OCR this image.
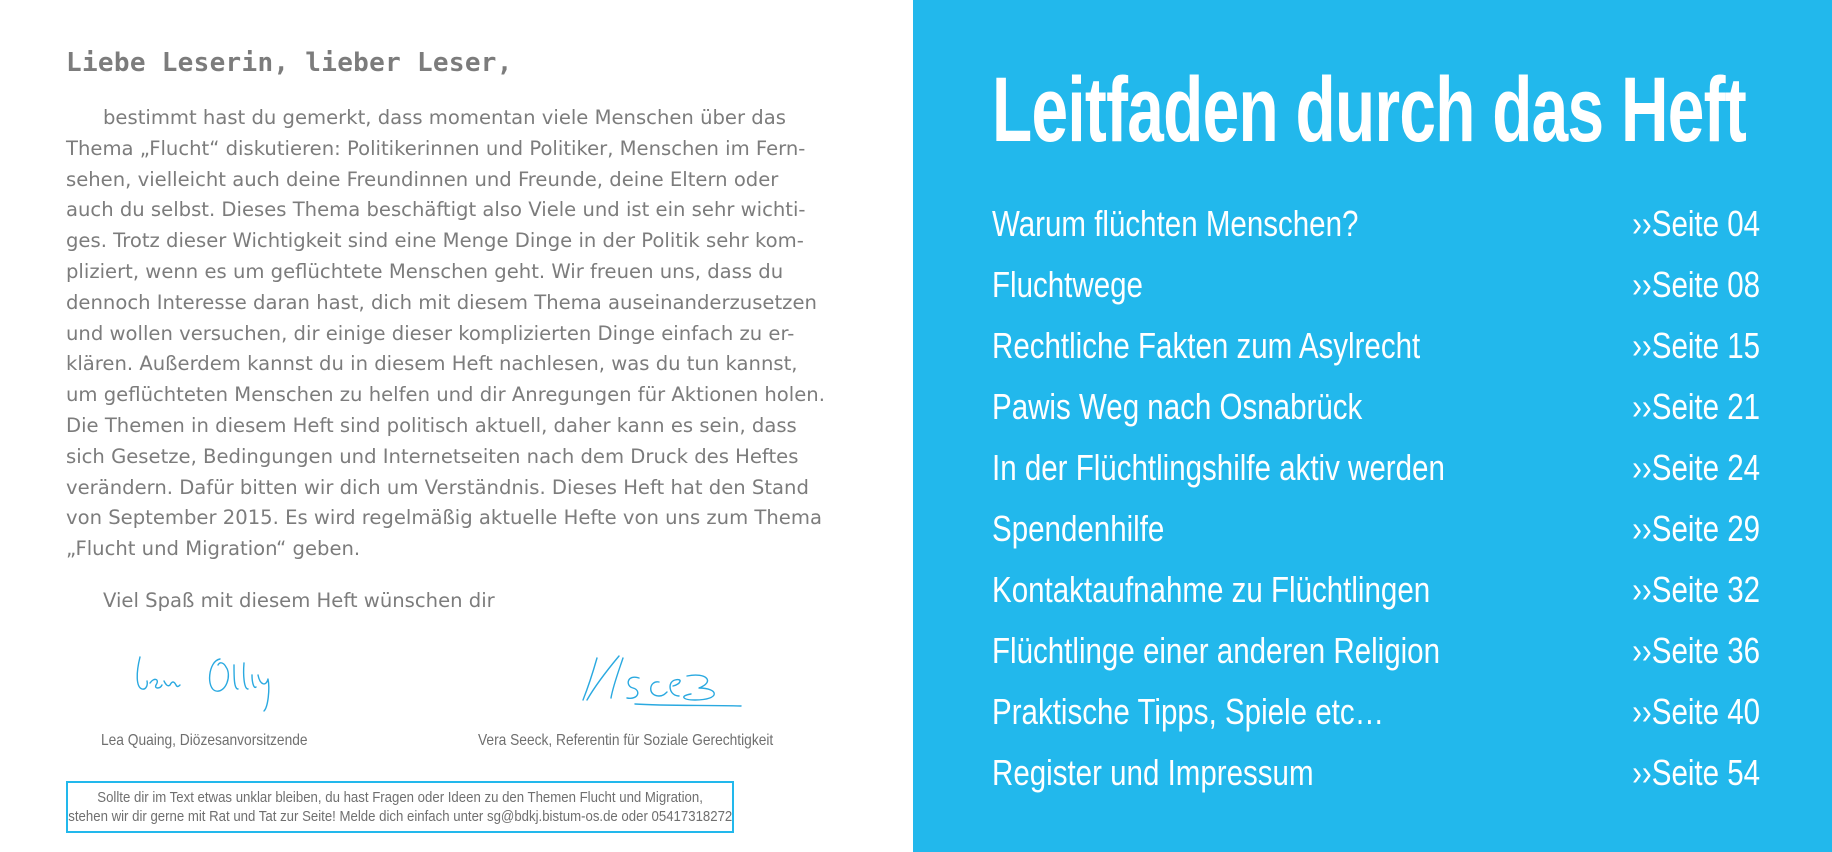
Liebe Leserin, lieber Leser,

bestimmt hast du gemerkt, dass momentan viele Menschen über das
Thema „Flucht“ diskutieren: Politikerinnen und Politiker, Menschen im Fern-
sehen, vielleicht auch deine Freundinnen und Freunde, deine Eltern oder
auch du selbst. Dieses Thema beschäftigt also Viele und ist ein sehr wichti-
ges. Trotz dieser Wichtigkeit sind eine Menge Dinge in der Politik sehr kom-
pliziert, wenn es um geflüchtete Menschen geht. Wir freuen uns, dass du
dennoch Interesse daran hast, dich mit diesem Thema auseinanderzusetzen
und wollen versuchen, dir einige dieser komplizierten Dinge einfach zu er-
klären. Außerdem kannst du in diesem Heft nachlesen, was du tun kannst,
um geflüchteten Menschen zu helfen und dir Anregungen für Aktionen holen.
Die Themen in diesem Heft sind politisch aktuell, daher kann es sein, dass
sich Gesetze, Bedingungen und Internetseiten nach dem Druck des Heftes
verändern. Dafür bitten wir dich um Verständnis. Dieses Heft hat den Stand
von September 2015. Es wird regelmäßig aktuelle Hefte von uns zum Thema
„Flucht und Migration“ geben.

Viel Spaß mit diesem Heft wünschen dir

Lea Quaing, Diözesanvorsitzende	Vera Seeck, Referentin für Soziale Gerechtigkeit
Sollte dir im Text etwas unklar bleiben, du hast Fragen oder Ideen zu den Themen Flucht und Migration,
stehen wir dir gerne mit Rat und Tat zur Seite! Melde dich einfach unter sg@bdkj.bistum-os.de oder 05417318272
Leitfaden durch das Heft
Warum flüchten Menschen?	››Seite 04
Fluchtwege	››Seite 08
Rechtliche Fakten zum Asylrecht	››Seite 15
Pawis Weg nach Osnabrück	››Seite 21
In der Flüchtlingshilfe aktiv werden	››Seite 24
Spendenhilfe	››Seite 29
Kontaktaufnahme zu Flüchtlingen	››Seite 32
Flüchtlinge einer anderen Religion	››Seite 36
Praktische Tipps, Spiele etc…	››Seite 40
Register und Impressum	››Seite 54
